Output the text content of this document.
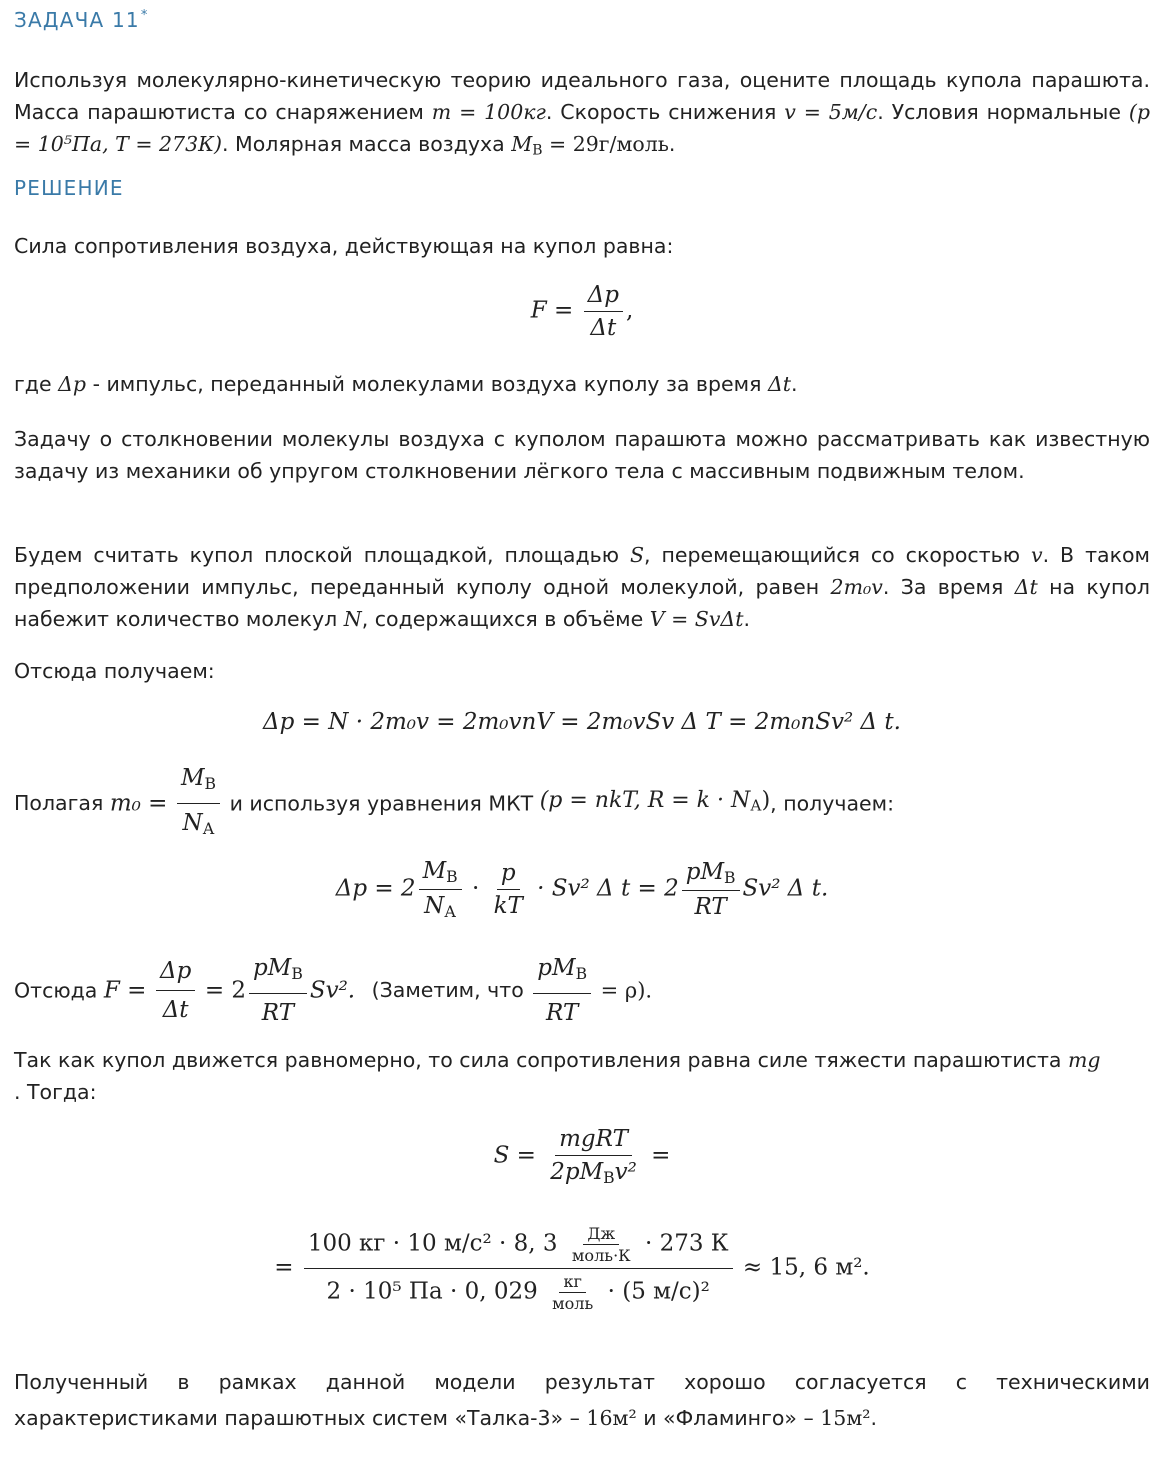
ЗАДАЧА 11*

Используя молекулярно-кинетическую теорию идеального газа, оцените площадь купола парашюта. Масса парашютиста со снаряжением m = 100кг. Скорость снижения v = 5м/с. Условия нормальные (p = 10⁵Па, T = 273К). Молярная масса воздуха $M_В$ = 29г/моль.

РЕШЕНИЕ

Сила сопротивления воздуха, действующая на купол равна:

$F = \frac{\Delta p}{\Delta t}$ ,

где Δp - импульс, переданный молекулами воздуха куполу за время Δt.

Задачу о столкновении молекулы воздуха с куполом парашюта можно рассматривать как известную задачу из механики об упругом столкновении лёгкого тела с массивным подвижным телом.

Будем считать купол плоской площадкой, площадью S, перемещающийся со скоростью v. В таком предположении импульс, переданный куполу одной молекулой, равен 2m₀v. За время Δt на купол набежит количество молекул N, содержащихся в объёме V = SvΔt.

Отсюда получаем:

Δp = N · 2m₀v = 2m₀vnV = 2m₀vSv Δ T = 2m₀nSv² Δ t.
Полагая $m_0 = \frac{M_В}{N_А}$ и используя уравнения МКТ (p = nkT, $R = k \cdot N_А$), получаем:
$\Delta p = 2 \frac{M_В}{N_А} \cdot \frac{p}{kT} \cdot Sv^2$ Δ $t = 2 \frac{pM_В}{RT} Sv^2$ Δ t.
Отсюда $F = \frac{\Delta p}{\Delta t} = 2 \frac{pM_В}{RT} Sv^2$. (Заметим, что $\frac{pM_В}{RT} = \rho$).

Так как купол движется равномерно, то сила сопротивления равна силе тяжести парашютиста mg
. Тогда:

$S = \frac{\text{mgRT}}{2pM_Вv^2}$ =
= $\frac{100 кг \cdot 10 м/с^2 \cdot 8, 3 \frac{Дж}{\text{моль·К}} \cdot 273 К}{2 \cdot 10^5 Па \cdot 0, 029 \frac{кг}{\text{моль}} \cdot (5 м/с)^2} \approx 15$, 6 м².

Полученный в рамках данной модели результат хорошо согласуется с техническими характеристиками парашютных систем «Талка-3» – 16м² и «Фламинго» – 15м².
